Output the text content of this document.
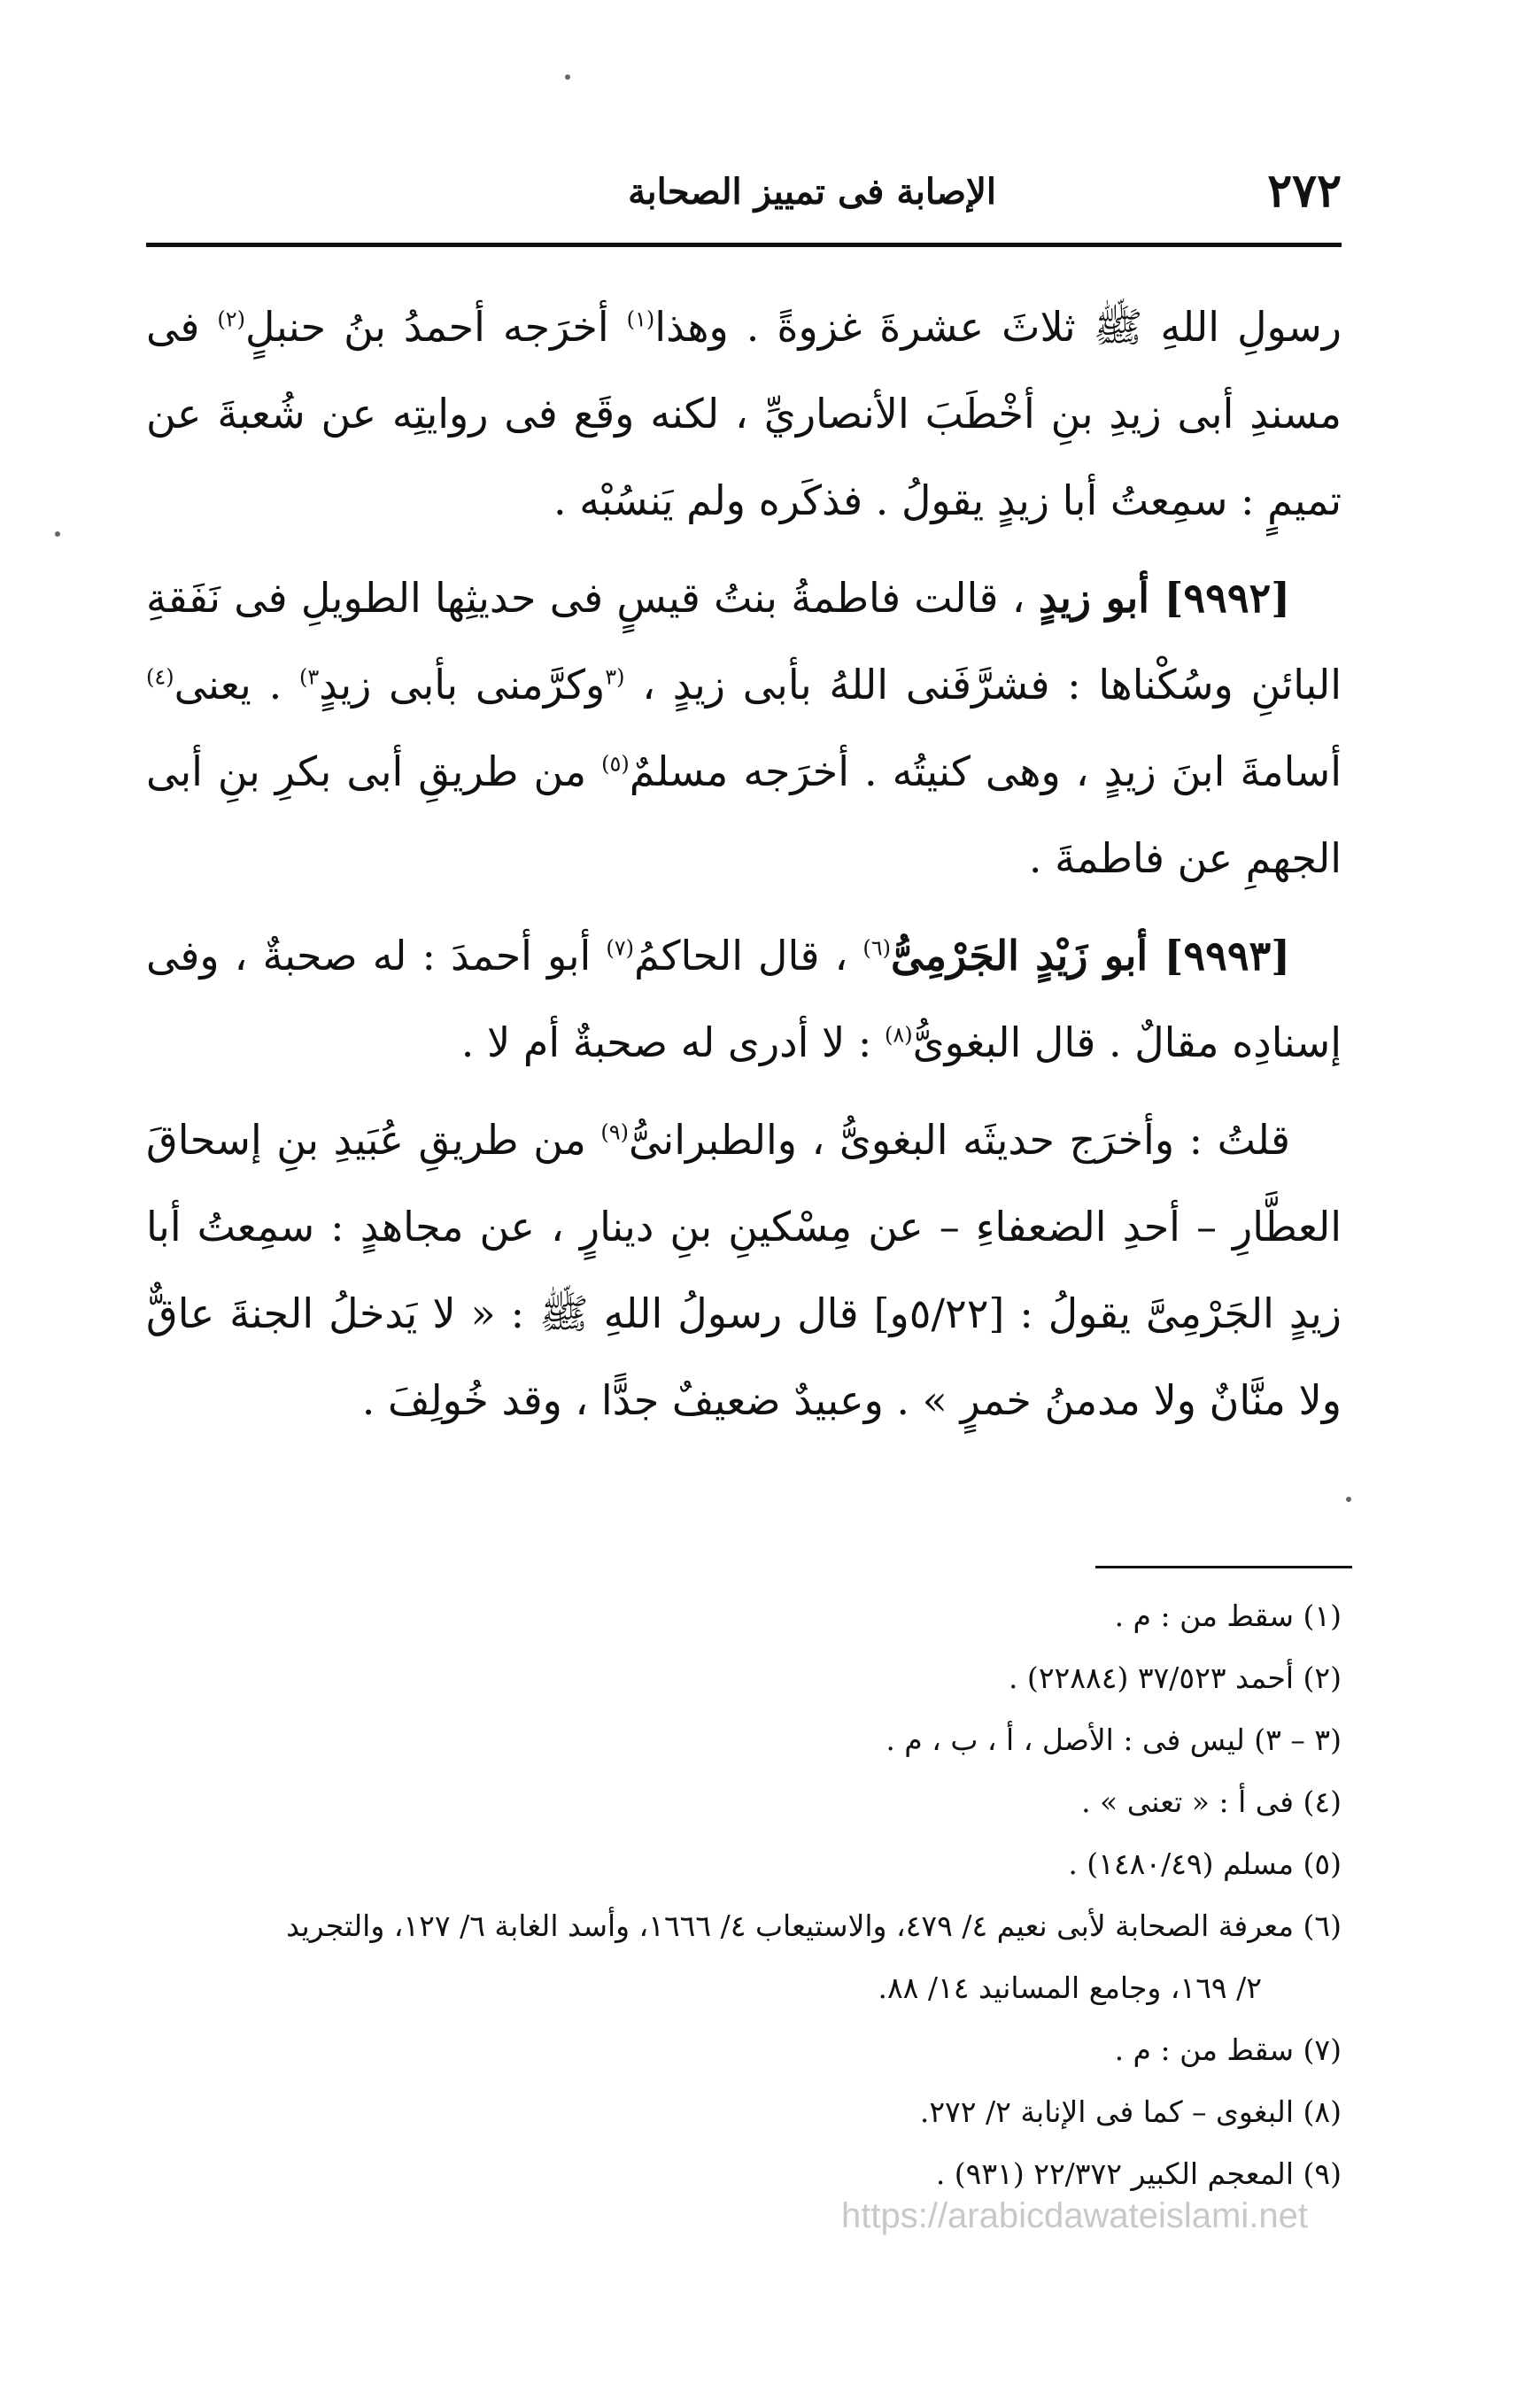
٢٧٢
الإصابة فى تمييز الصحابة

رسولِ اللهِ ﷺ ثلاثَ عشرةَ غزوةً . وهذا$^{(١)}$ أخرَجه أحمدُ بنُ حنبلٍ$^{(٢)}$ فى مسندِ أبى زيدِ بنِ أخْطَبَ الأنصاريِّ ، لكنه وقَع فى روايتِه عن شُعبةَ عن تميمٍ : سمِعتُ أبا زيدٍ يقولُ . فذكَره ولم يَنسُبْه .

[٩٩٩٢] أبو زيدٍ ، قالت فاطمةُ بنتُ قيسٍ فى حديثِها الطويلِ فى نَفَقةِ البائنِ وسُكْناها : فشرَّفَنى اللهُ بأبى زيدٍ ، $^{(٣}$وكرَّمنى بأبى زيدٍ$^{٣)}$ . يعنى$^{(٤)}$ أسامةَ ابنَ زيدٍ ، وهى كنيتُه . أخرَجه مسلمٌ$^{(٥)}$ من طريقِ أبى بكرِ بنِ أبى الجهمِ عن فاطمةَ .

[٩٩٩٣] أبو زَيْدٍ الجَرْمِىُّ$^{(٦)}$ ، قال الحاكمُ$^{(٧)}$ أبو أحمدَ : له صحبةٌ ، وفى إسنادِه مقالٌ . قال البغوىُّ$^{(٨)}$ : لا أدرى له صحبةٌ أم لا .

قلتُ : وأخرَج حديثَه البغوىُّ ، والطبرانىُّ$^{(٩)}$ من طريقِ عُبَيدِ بنِ إسحاقَ العطَّارِ – أحدِ الضعفاءِ – عن مِسْكينِ بنِ دينارٍ ، عن مجاهدٍ : سمِعتُ أبا زيدٍ الجَرْمِىَّ يقولُ : [٥/٢٢و] قال رسولُ اللهِ ﷺ : « لا يَدخلُ الجنةَ عاقٌّ ولا منَّانٌ ولا مدمنُ خمرٍ » . وعبيدٌ ضعيفٌ جدًّا ، وقد خُولِفَ .

(١) سقط من : م .
(٢) أحمد ٣٧/٥٢٣ (٢٢٨٨٤) .
(٣ – ٣) ليس فى : الأصل ، أ ، ب ، م .
(٤) فى أ : « تعنى » .
(٥) مسلم (١٤٨٠/٤٩) .
(٦) معرفة الصحابة لأبى نعيم ٤/ ٤٧٩، والاستيعاب ٤/ ١٦٦٦، وأسد الغابة ٦/ ١٢٧، والتجريد
٢/ ١٦٩، وجامع المسانيد ١٤/ ٨٨.
(٧) سقط من : م .
(٨) البغوى – كما فى الإنابة ٢/ ٢٧٢.
(٩) المعجم الكبير ٢٢/٣٧٢ (٩٣١) .
https://arabicdawateislami.net
